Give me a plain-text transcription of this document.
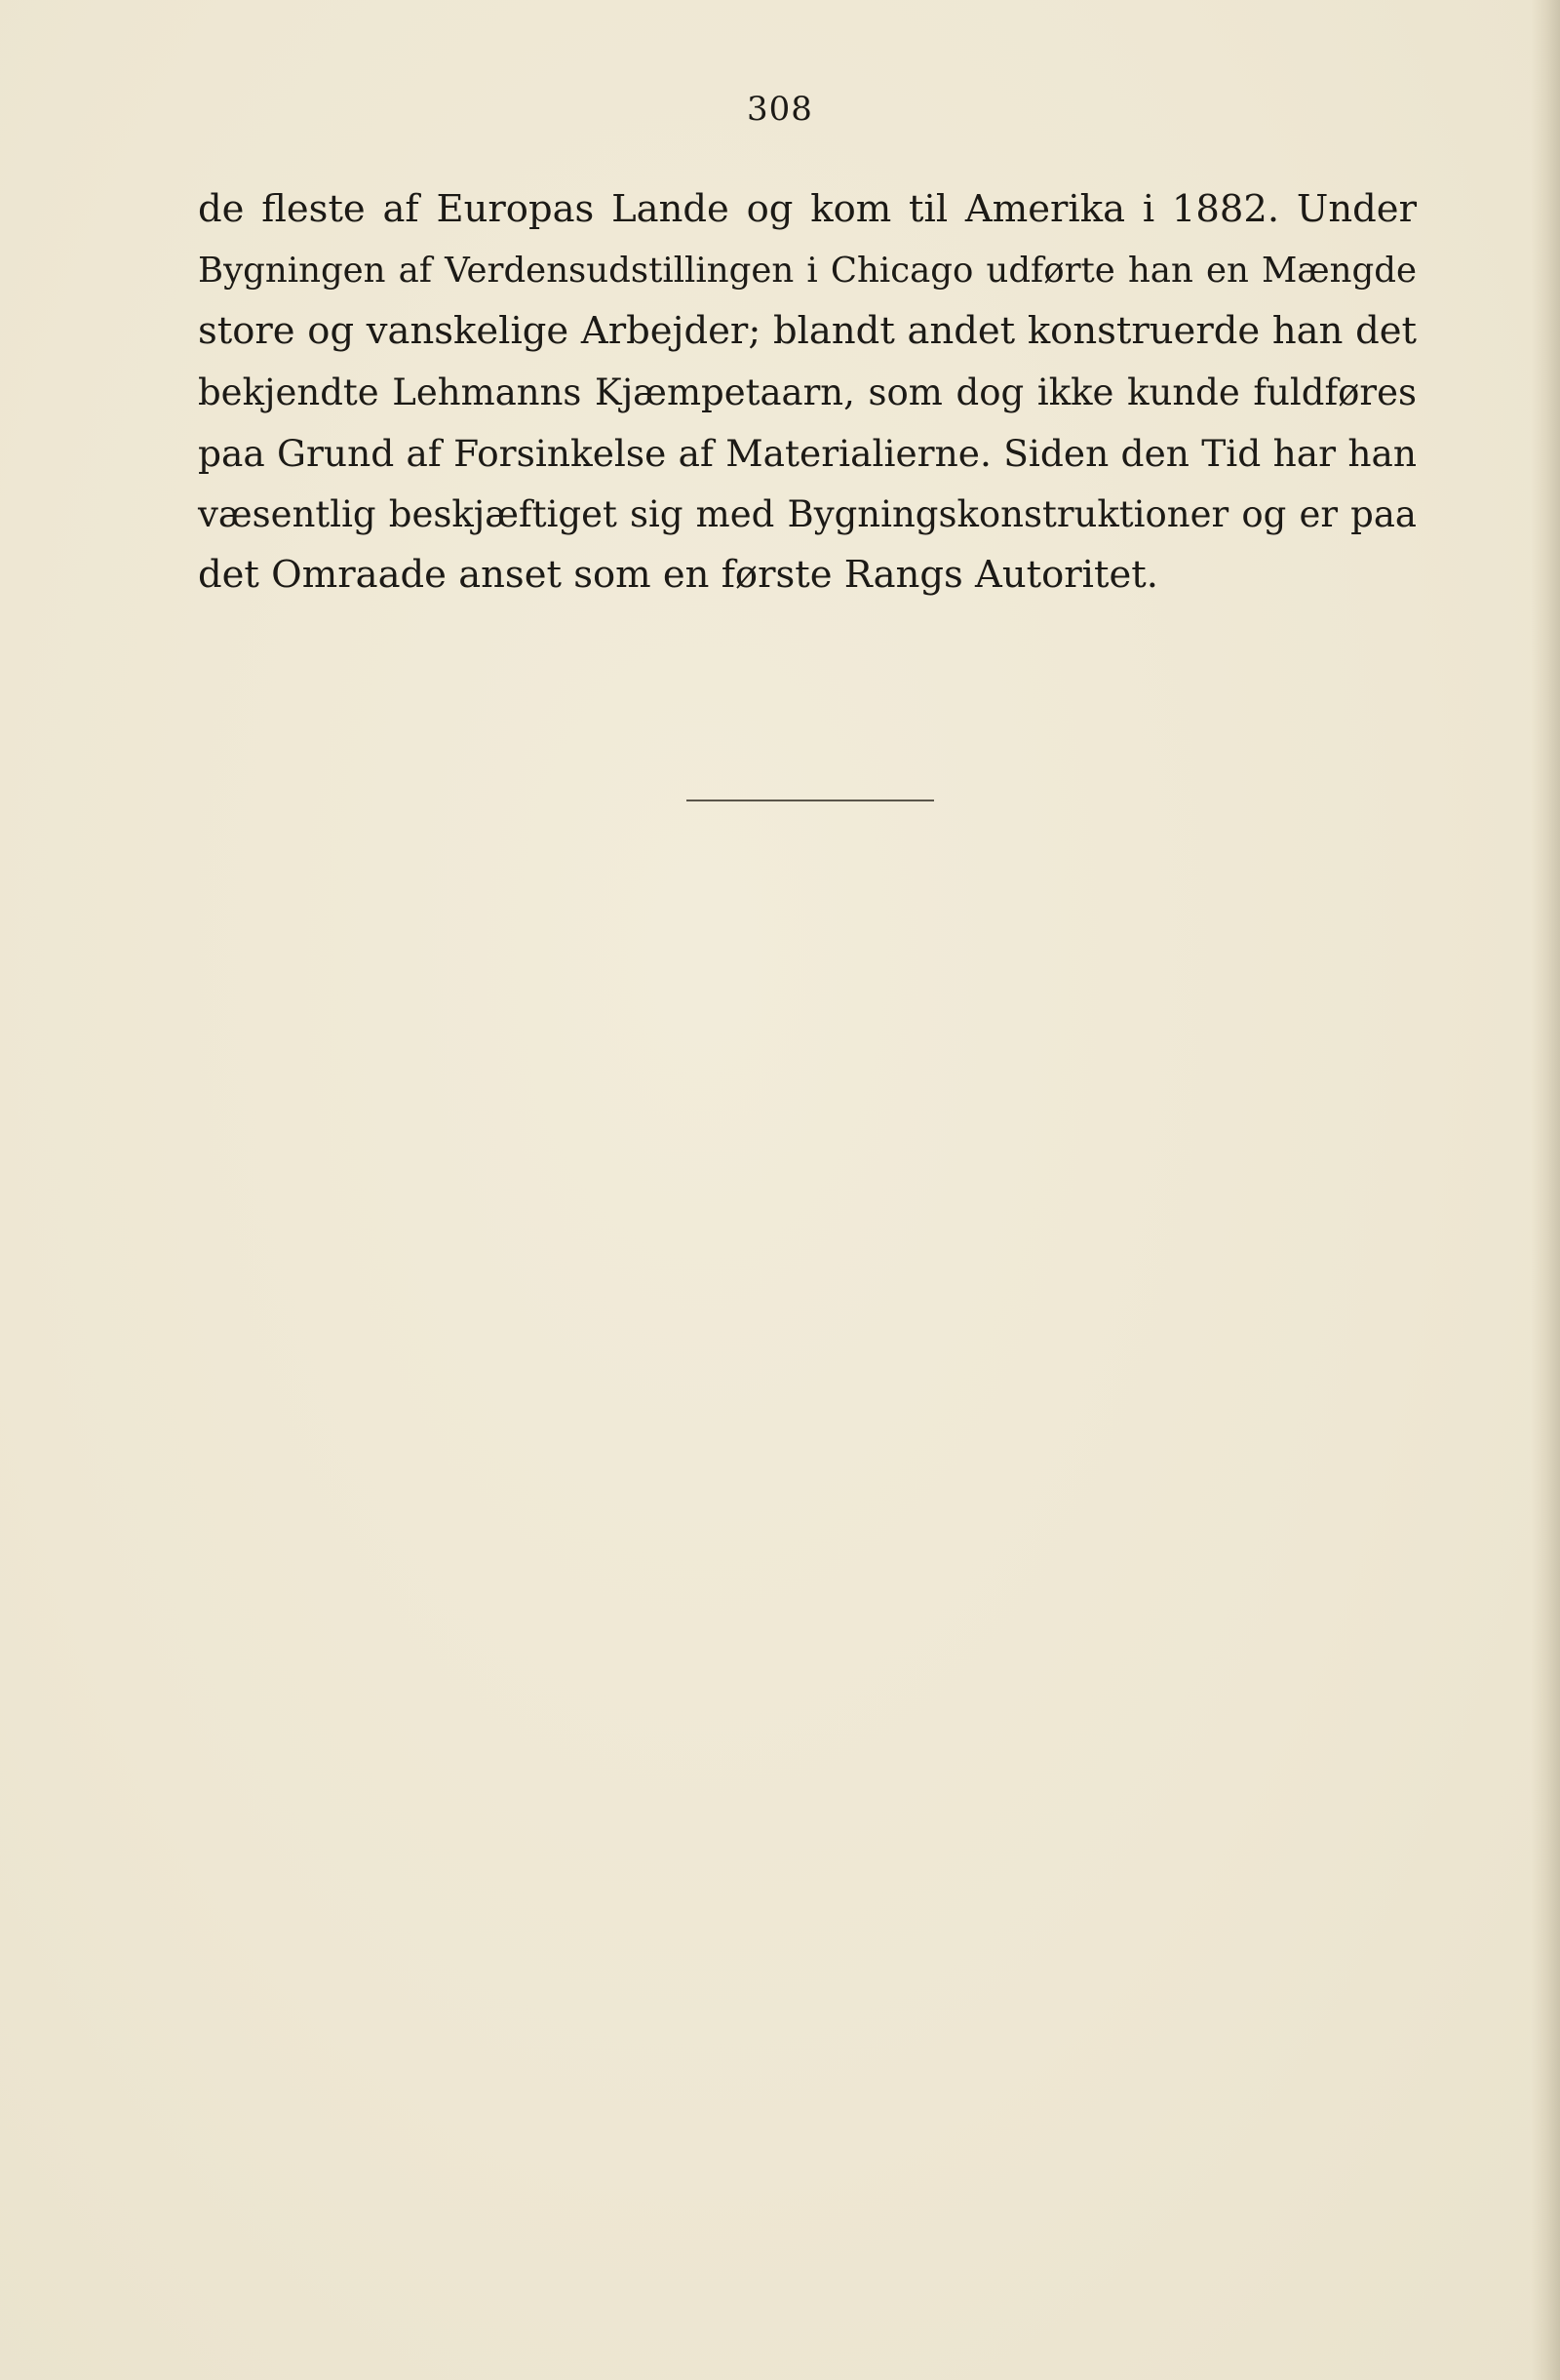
308
de fleste af Europas Lande og kom til Amerika i 1882. Under
Bygningen af Verdensudstillingen i Chicago udførte han en Mængde
store og vanskelige Arbejder; blandt andet konstruerde han det
bekjendte Lehmanns Kjæmpetaarn, som dog ikke kunde fuldføres
paa Grund af Forsinkelse af Materialierne. Siden den Tid har han
væsentlig beskjæftiget sig med Bygningskonstruktioner og er paa
det Omraade anset som en første Rangs Autoritet.
